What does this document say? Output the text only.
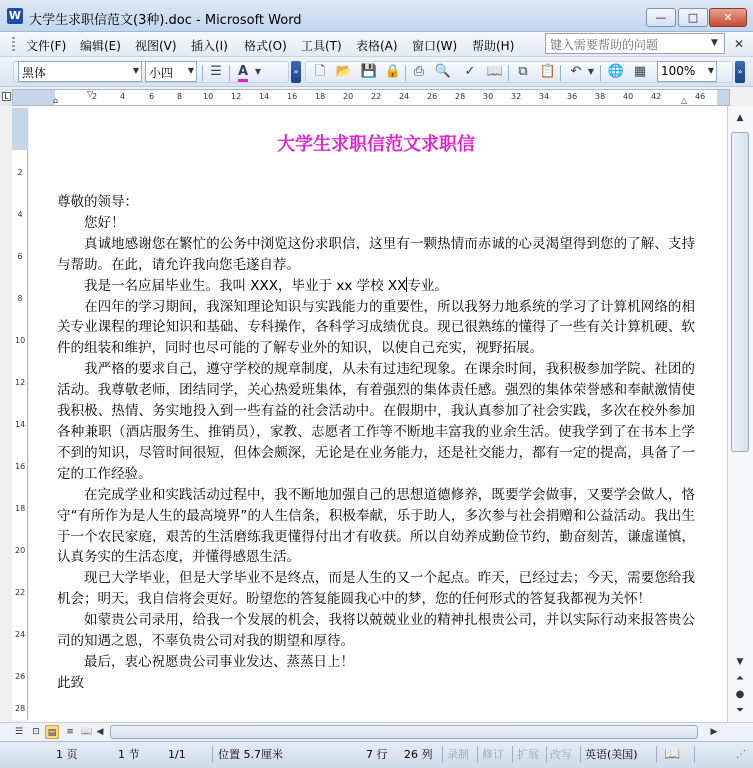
W 大学生求职信范文(3种).doc - Microsoft Word	—	□	✕
文件(F) 编辑(E) 视图(V) 插入(I) 格式(O) 工具(T) 表格(A) 窗口(W) 帮助(H)	键入需要帮助的问题	▼ ✕
黑体	▼ 小四 ▼ ☰	A ▼	» 🗋 📂 💾 🔒 ⎙ 🔍 ✓ 📖	⧉ 📋 ↶ ▼ 🌐 ▦	100% ▼	»
L	⌂
▽
2	4	6	8	10 12 14 16 18 20 22 24 26 28 30 32 34 36 38 40 42	46
△
2
4
6
8
10
12
14
16
18
20
22
24
26
28
大学生求职信范文求职信

尊敬的领导：

您好！

真诚地感谢您在繁忙的公务中浏览这份求职信，这里有一颗热情而赤诚的心灵渴望得到您的了解、支持与帮助。在此，请允许我向您毛遂自荐。

我是一名应届毕业生。我叫 XXX，毕业于 xx 学校 XX专业。

在四年的学习期间，我深知理论知识与实践能力的重要性，所以我努力地系统的学习了计算机网络的相关专业课程的理论知识和基础、专科操作，各科学习成绩优良。现已很熟练的懂得了一些有关计算机硬、软件的组装和维护，同时也尽可能的了解专业外的知识，以使自己充实，视野拓展。

我严格的要求自己，遵守学校的规章制度，从未有过违纪现象。在课余时间，我积极参加学院、社团的活动。我尊敬老师，团结同学，关心热爱班集体，有着强烈的集体责任感。强烈的集体荣誉感和奉献激情使我积极、热情、务实地投入到一些有益的社会活动中。在假期中，我认真参加了社会实践，多次在校外参加各种兼职（酒店服务生、推销员），家教、志愿者工作等不断地丰富我的业余生活。使我学到了在书本上学不到的知识，尽管时间很短，但体会颇深，无论是在业务能力，还是社交能力，都有一定的提高，具备了一定的工作经验。

在完成学业和实践活动过程中，我不断地加强自己的思想道德修养，既要学会做事，又要学会做人，恪守“有所作为是人生的最高境界”的人生信条，积极奉献，乐于助人，多次参与社会捐赠和公益活动。我出生于一个农民家庭，艰苦的生活磨练我更懂得付出才有收获。所以自幼养成勤俭节约，勤奋刻苦，谦虚谨慎，认真务实的生活态度，并懂得感恩生活。

现已大学毕业，但是大学毕业不是终点，而是人生的又一个起点。昨天，已经过去；今天，需要您给我机会；明天，我自信将会更好。盼望您的答复能圆我心中的梦，您的任何形式的答复我都视为关怀！

如蒙贵公司录用，给我一个发展的机会，我将以兢兢业业的精神扎根贵公司，并以实际行动来报答贵公司的知遇之恩，不辜负贵公司对我的期望和厚待。

最后，衷心祝愿贵公司事业发达、蒸蒸日上！

此致

▲
▼
⏶
●
⏷
☰	⊡ ▤	≡ 📖 ◀	▶
1 页	1 节	1/1	位置 5.7厘米	7 行 26 列 录制 修订 扩展 改写 英语(美国) 📖	⋰
